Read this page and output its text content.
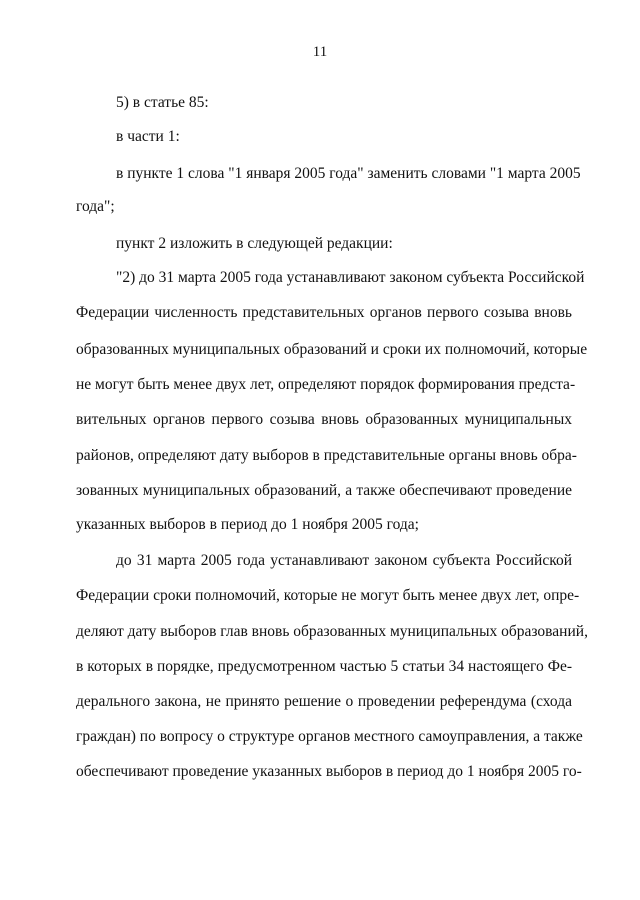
11
5) в статье 85:
в части 1:
в пункте 1 слова "1 января 2005 года" заменить словами "1 марта 2005
года";
пункт 2 изложить в следующей редакции:
"2) до 31 марта 2005 года устанавливают законом субъекта Российской
Федерации численность представительных органов первого созыва вновь
образованных муниципальных образований и сроки их полномочий, которые
не могут быть менее двух лет, определяют порядок формирования предста-
вительных органов первого созыва вновь образованных муниципальных
районов, определяют дату выборов в представительные органы вновь обра-
зованных муниципальных образований, а также обеспечивают проведение
указанных выборов в период до 1 ноября 2005 года;
до 31 марта 2005 года устанавливают законом субъекта Российской
Федерации сроки полномочий, которые не могут быть менее двух лет, опре-
деляют дату выборов глав вновь образованных муниципальных образований,
в которых в порядке, предусмотренном частью 5 статьи 34 настоящего Фе-
дерального закона, не принято решение о проведении референдума (схода
граждан) по вопросу о структуре органов местного самоуправления, а также
обеспечивают проведение указанных выборов в период до 1 ноября 2005 го-
